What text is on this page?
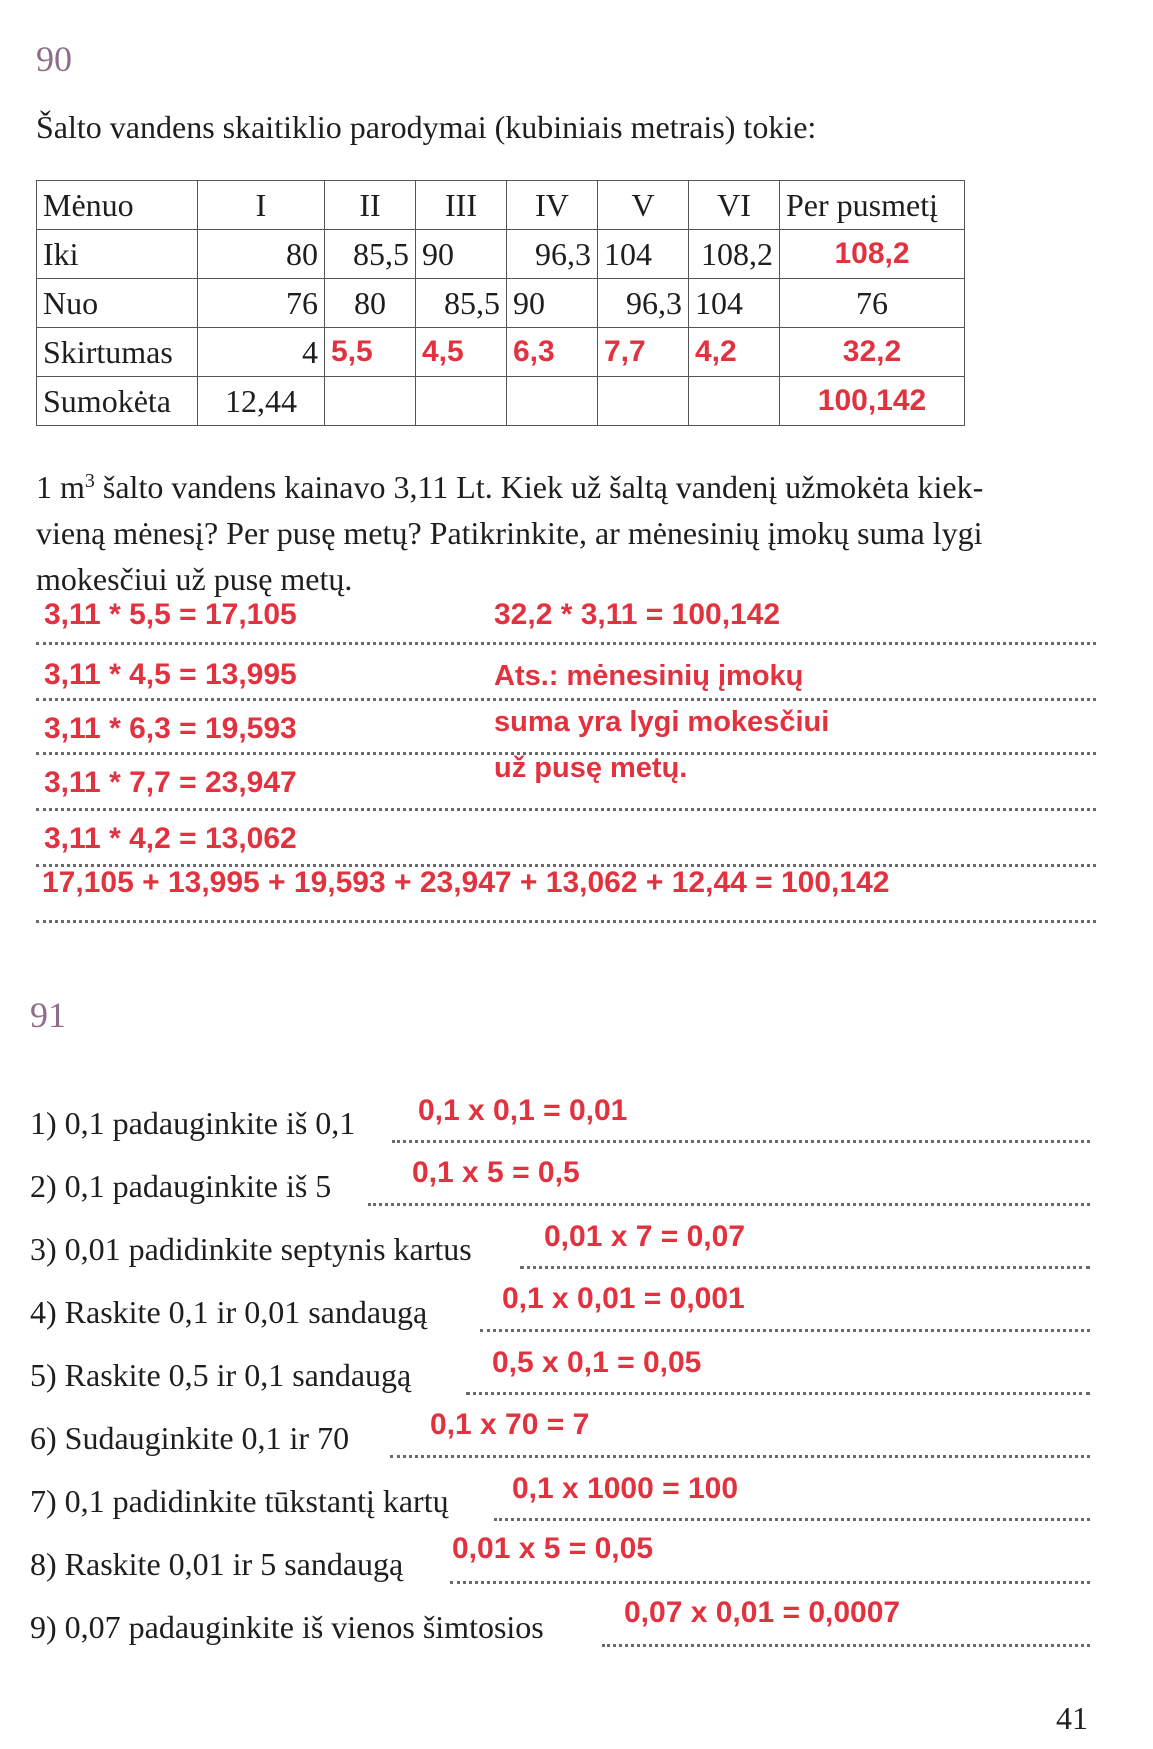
90
Šalto vandens skaitiklio parodymai (kubiniais metrais) tokie:
Mėnuo	I	II	III	IV	V	VI	Per pusmetį
Iki	80	85,5	90	96,3	104	108,2	108,2
Nuo	76	80	85,5	90	96,3	104	76
Skirtumas	4	5,5	4,5	6,3	7,7	4,2	32,2
Sumokėta	12,44						100,142
1 $m^3$ šalto vandens kainavo 3,11 Lt. Kiek už šaltą vandenį užmokėta kiek-
vieną mėnesį? Per pusę metų? Patikrinkite, ar mėnesinių įmokų suma lygi
mokesčiui už pusę metų.
3,11 * 5,5 = 17,105
3,11 * 4,5 = 13,995
3,11 * 6,3 = 19,593
3,11 * 7,7 = 23,947
3,11 * 4,2 = 13,062
32,2 * 3,11 = 100,142
Ats.: mėnesinių įmokų
suma yra lygi mokesčiui
už pusę metų.
17,105 + 13,995 + 19,593 + 23,947 + 13,062 + 12,44 = 100,142
91
1) 0,1 padauginkite iš 0,1 0,1 x 0,1 = 0,01
2) 0,1 padauginkite iš 5	0,1 x 5 = 0,5
3) 0,01 padidinkite septynis kartus 0,01 x 7 = 0,07
4) Raskite 0,1 ir 0,01 sandaugą 0,1 x 0,01 = 0,001
5) Raskite 0,5 ir 0,1 sandaugą	0,5 x 0,1 = 0,05
6) Sudauginkite 0,1 ir 70	0,1 x 70 = 7
7) 0,1 padidinkite tūkstantį kartų 0,1 x 1000 = 100
8) Raskite 0,01 ir 5 sandaugą 0,01 x 5 = 0,05
9) 0,07 padauginkite iš vienos šimtosios	0,07 x 0,01 = 0,0007
41
